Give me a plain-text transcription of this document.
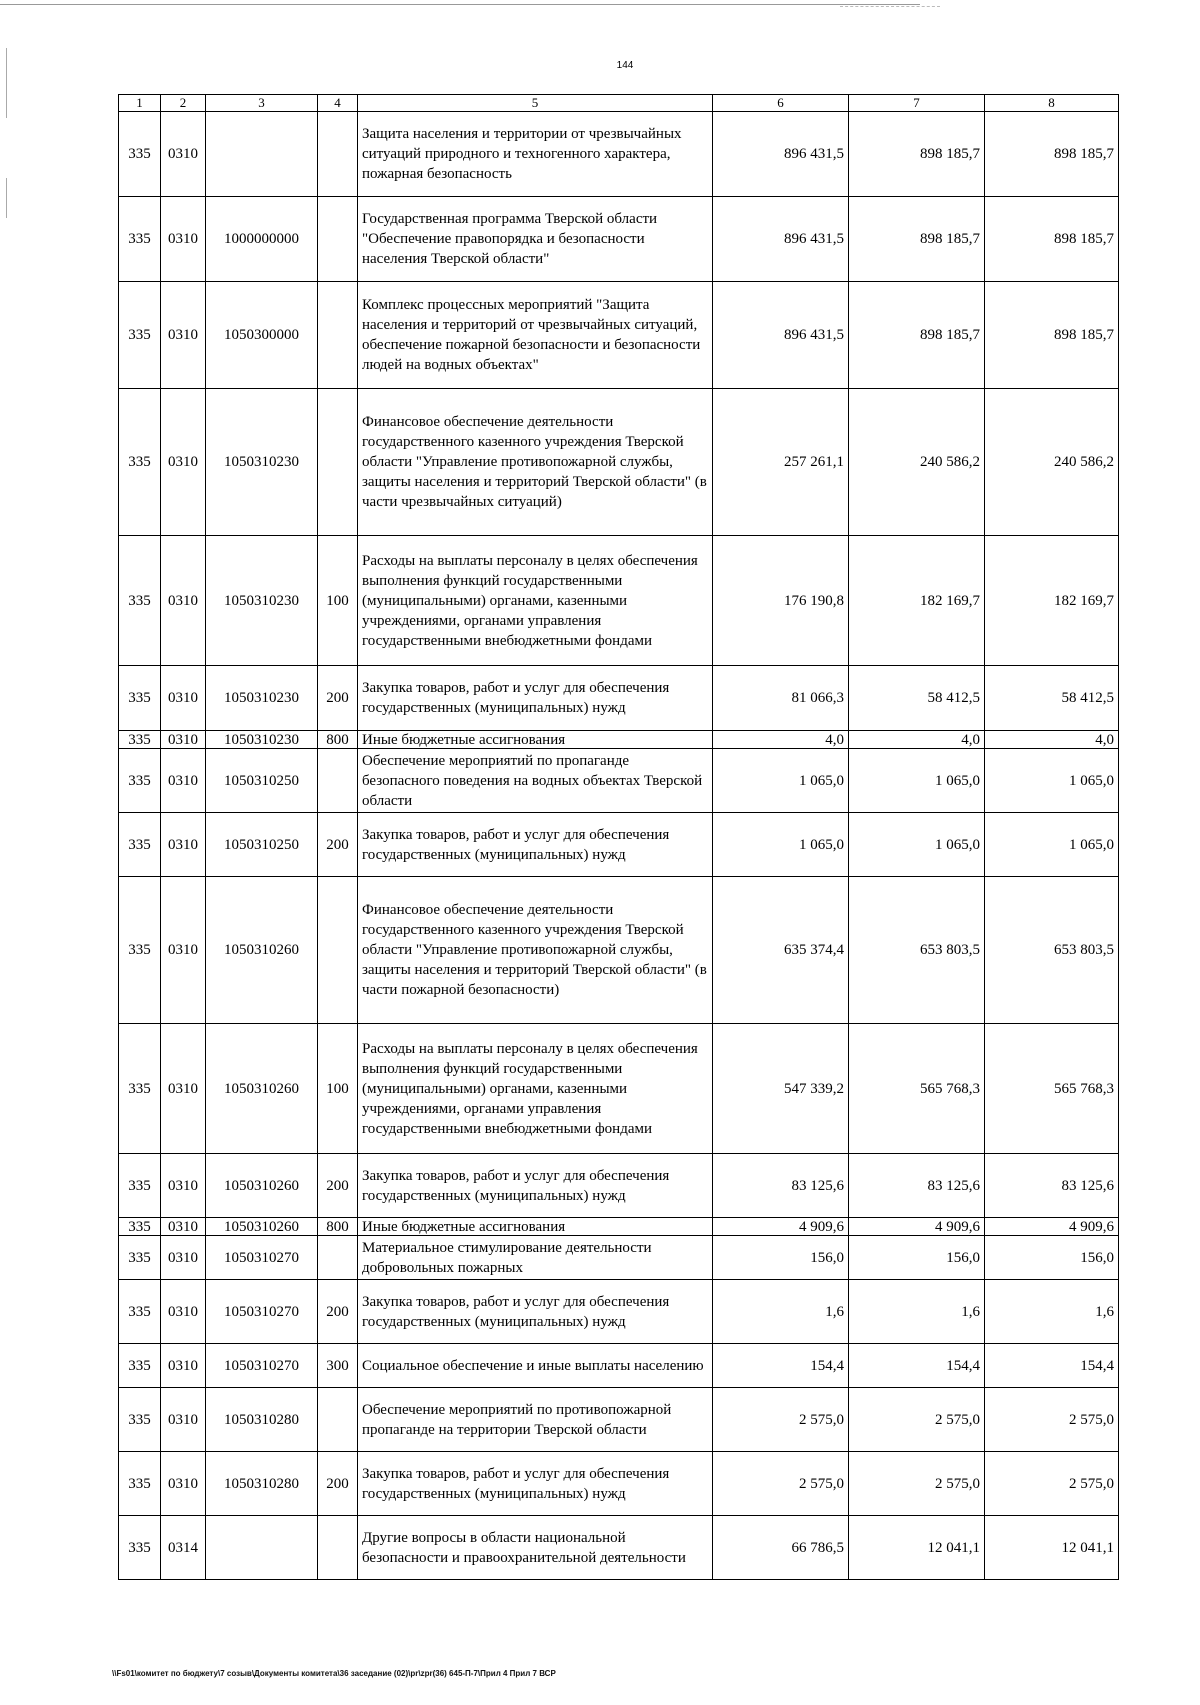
144
1	2	3	4	5	6	7	8
335	0310			Защита населения и территории от чрезвычайных ситуаций природного и техногенного характера, пожарная безопасность	896 431,5	898 185,7	898 185,7
335	0310	1000000000		Государственная программа Тверской области "Обеспечение правопорядка и безопасности населения Тверской области"	896 431,5	898 185,7	898 185,7
335	0310	1050300000		Комплекс процессных мероприятий "Защита населения и территорий от чрезвычайных ситуаций, обеспечение пожарной безопасности и безопасности людей на водных объектах"	896 431,5	898 185,7	898 185,7
335	0310	1050310230		Финансовое обеспечение деятельности государственного казенного учреждения Тверской области "Управление противопожарной службы, защиты населения и территорий Тверской области" (в части чрезвычайных ситуаций)	257 261,1	240 586,2	240 586,2
335	0310	1050310230	100	Расходы на выплаты персоналу в целях обеспечения выполнения функций государственными (муниципальными) органами, казенными учреждениями, органами управления государственными внебюджетными фондами	176 190,8	182 169,7	182 169,7
335	0310	1050310230	200	Закупка товаров, работ и услуг для обеспечения государственных (муниципальных) нужд	81 066,3	58 412,5	58 412,5
335	0310	1050310230	800	Иные бюджетные ассигнования	4,0	4,0	4,0
335	0310	1050310250		Обеспечение мероприятий по пропаганде безопасного поведения на водных объектах Тверской области	1 065,0	1 065,0	1 065,0
335	0310	1050310250	200	Закупка товаров, работ и услуг для обеспечения государственных (муниципальных) нужд	1 065,0	1 065,0	1 065,0
335	0310	1050310260		Финансовое обеспечение деятельности государственного казенного учреждения Тверской области "Управление противопожарной службы, защиты населения и территорий Тверской области" (в части пожарной безопасности)	635 374,4	653 803,5	653 803,5
335	0310	1050310260	100	Расходы на выплаты персоналу в целях обеспечения выполнения функций государственными (муниципальными) органами, казенными учреждениями, органами управления государственными внебюджетными фондами	547 339,2	565 768,3	565 768,3
335	0310	1050310260	200	Закупка товаров, работ и услуг для обеспечения государственных (муниципальных) нужд	83 125,6	83 125,6	83 125,6
335	0310	1050310260	800	Иные бюджетные ассигнования	4 909,6	4 909,6	4 909,6
335	0310	1050310270		Материальное стимулирование деятельности добровольных пожарных	156,0	156,0	156,0
335	0310	1050310270	200	Закупка товаров, работ и услуг для обеспечения государственных (муниципальных) нужд	1,6	1,6	1,6
335	0310	1050310270	300	Социальное обеспечение и иные выплаты населению	154,4	154,4	154,4
335	0310	1050310280		Обеспечение мероприятий по противопожарной пропаганде на территории Тверской области	2 575,0	2 575,0	2 575,0
335	0310	1050310280	200	Закупка товаров, работ и услуг для обеспечения государственных (муниципальных) нужд	2 575,0	2 575,0	2 575,0
335	0314			Другие вопросы в области национальной безопасности и правоохранительной деятельности	66 786,5	12 041,1	12 041,1
\\Fs01\комитет по бюджету\7 созыв\Документы комитета\36 заседание (02)\pr\zpr(36) 645-П-7\Прил 4 Прил 7 ВСР
